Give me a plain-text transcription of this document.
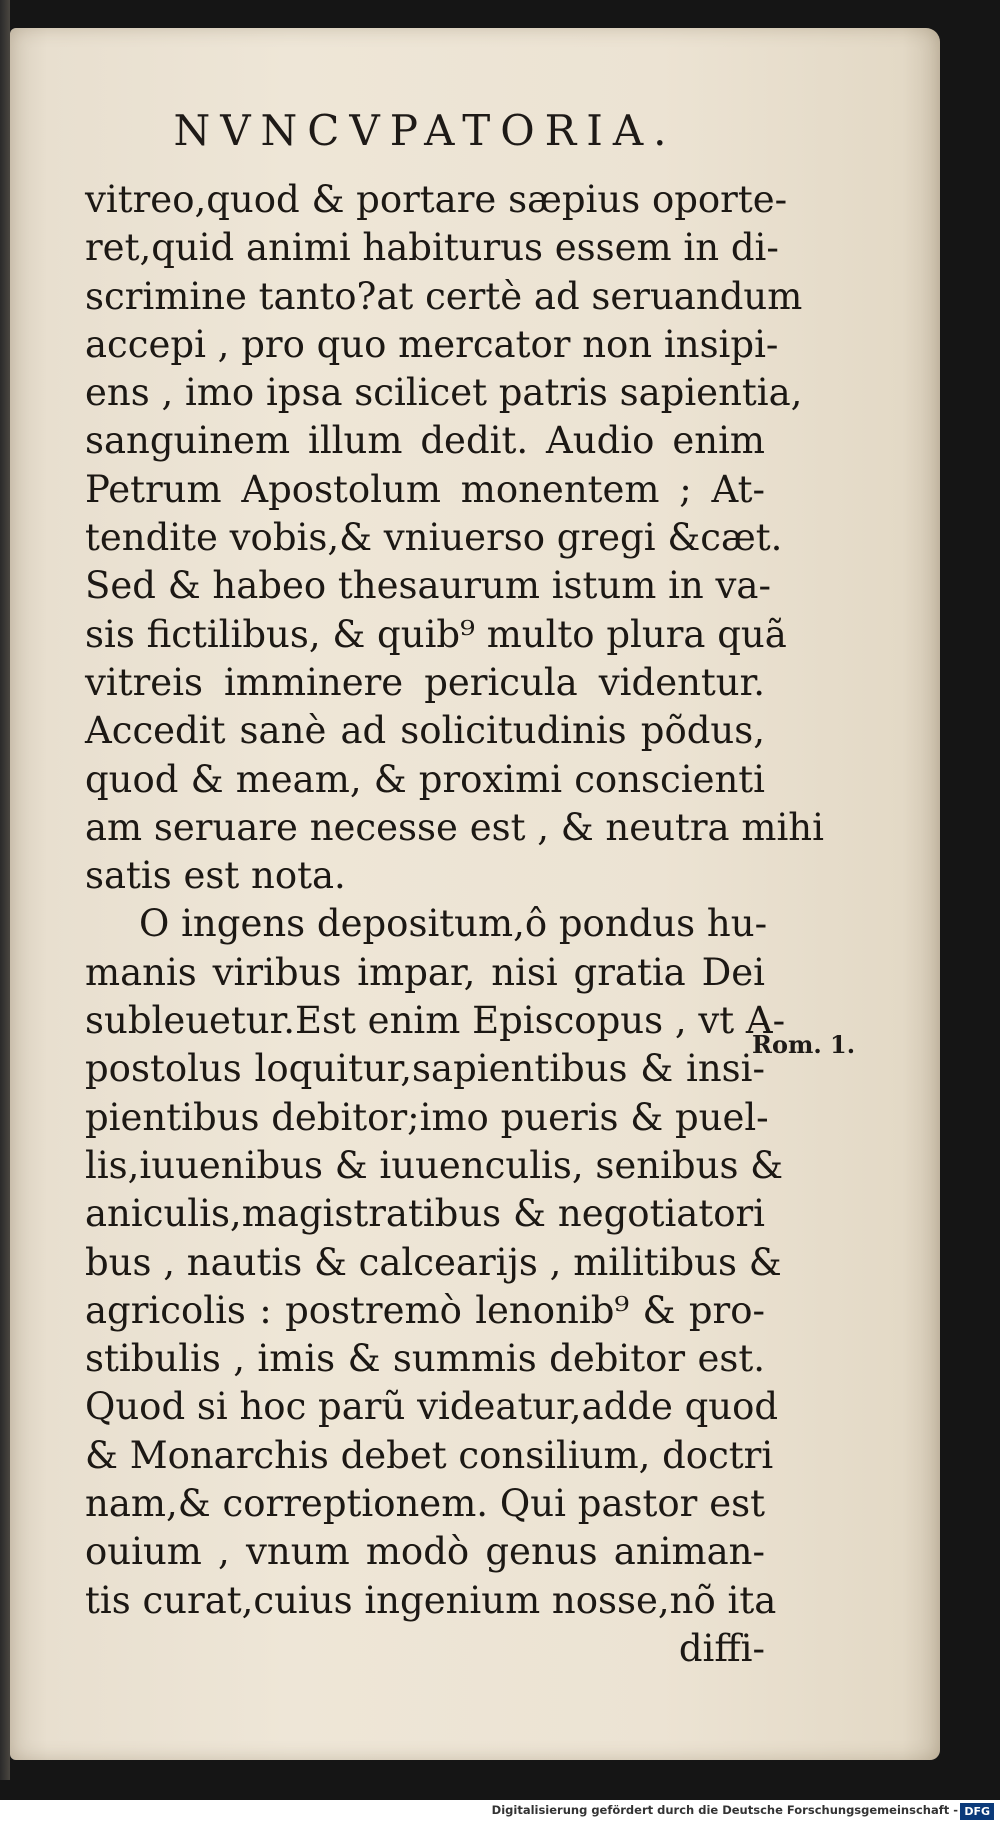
NVNCVPATORIA.
vitreo,quod & portare sæpius oporte-
ret,quid animi habiturus essem in di-
scrimine tanto?at certè ad seruandum
accepi , pro quo mercator non insipi-
ens , imo ipsa scilicet patris sapientia,
sanguinem illum dedit. Audio enim
Petrum Apostolum monentem ; At-
tendite vobis,& vniuerso gregi &cæt.
Sed & habeo thesaurum istum in va-
sis fictilibus, & quib⁹ multo plura quã
vitreis imminere pericula videntur.
Accedit sanè ad solicitudinis põdus,
quod & meam, & proximi conscienti
am seruare necesse est , & neutra mihi
satis est nota.
O ingens depositum,ô pondus hu-
manis viribus impar, nisi gratia Dei
subleuetur.Est enim Episcopus , vt A-
postolus loquitur,sapientibus & insi-
pientibus debitor;imo pueris & puel-
lis,iuuenibus & iuuenculis, senibus &
aniculis,magistratibus & negotiatori
bus , nautis & calcearijs , militibus &
agricolis : postremò lenonib⁹ & pro-
stibulis , imis & summis debitor est.
Quod si hoc parũ videatur,adde quod
& Monarchis debet consilium, doctri
nam,& correptionem. Qui pastor est
ouium , vnum modò genus animan-
tis curat,cuius ingenium nosse,nõ ita
diffi-
Rom. 1.
Digitalisierung gefördert durch die Deutsche Forschungsgemeinschaft - DFG
